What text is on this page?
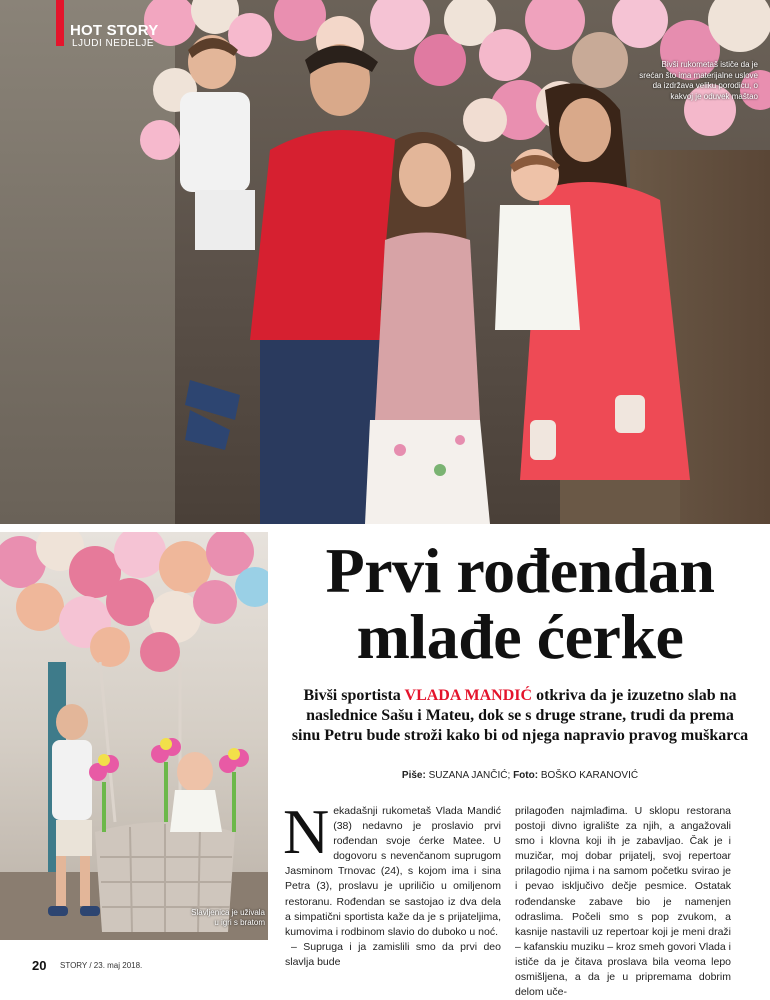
HOT STORY
LJUDI NEDELJE
Bivši rukometaš ističe da je srećan što ima materijalne uslove da izdržava veliku porodicu, o kakvoj je oduvek maštao
Slavljenica je uživala u igri s bratom
Prvi rođendan
mlađe ćerke
Bivši sportista VLADA MANDIĆ otkriva da je izuzetno slab na naslednice Sašu i Mateu, dok se s druge strane, trudi da prema sinu Petru bude stroži kako bi od njega napravio pravog muškarca
Piše: SUZANA JANČIĆ; Foto: BOŠKO KARANOVIĆ
N ekadašnji rukometaš Vlada Mandić (38) nedavno je proslavio prvi rođendan svoje ćerke Matee. U dogovoru s nevenčanom suprugom Jasminom Trnovac (24), s kojom ima i sina Petra (3), proslavu je upriličio u omiljenom restoranu. Rođendan se sastojao iz dva dela a simpatični sportista kaže da je s prijateljima, kumovima i rodbinom slavio do duboko u noć.

– Supruga i ja zamislili smo da prvi deo slavlja bude

prilagođen najmlađima. U sklopu restorana postoji divno igralište za njih, a angažovali smo i klovna koji ih je zabavljao. Čak je i muzičar, moj dobar prijatelj, svoj repertoar prilagodio njima i na samom početku svirao je i pevao isključivo dečje pesmice. Ostatak rođendanske zabave bio je namenjen odraslima. Počeli smo s pop zvukom, a kasnije nastavili uz repertoar koji je meni draži – kafanskiu muziku – kroz smeh govori Vlada i ističe da je čitava proslava bila veoma lepo osmišljena, a da je u pripremama dobrim delom uče-

20 STORY / 23. maj 2018.
